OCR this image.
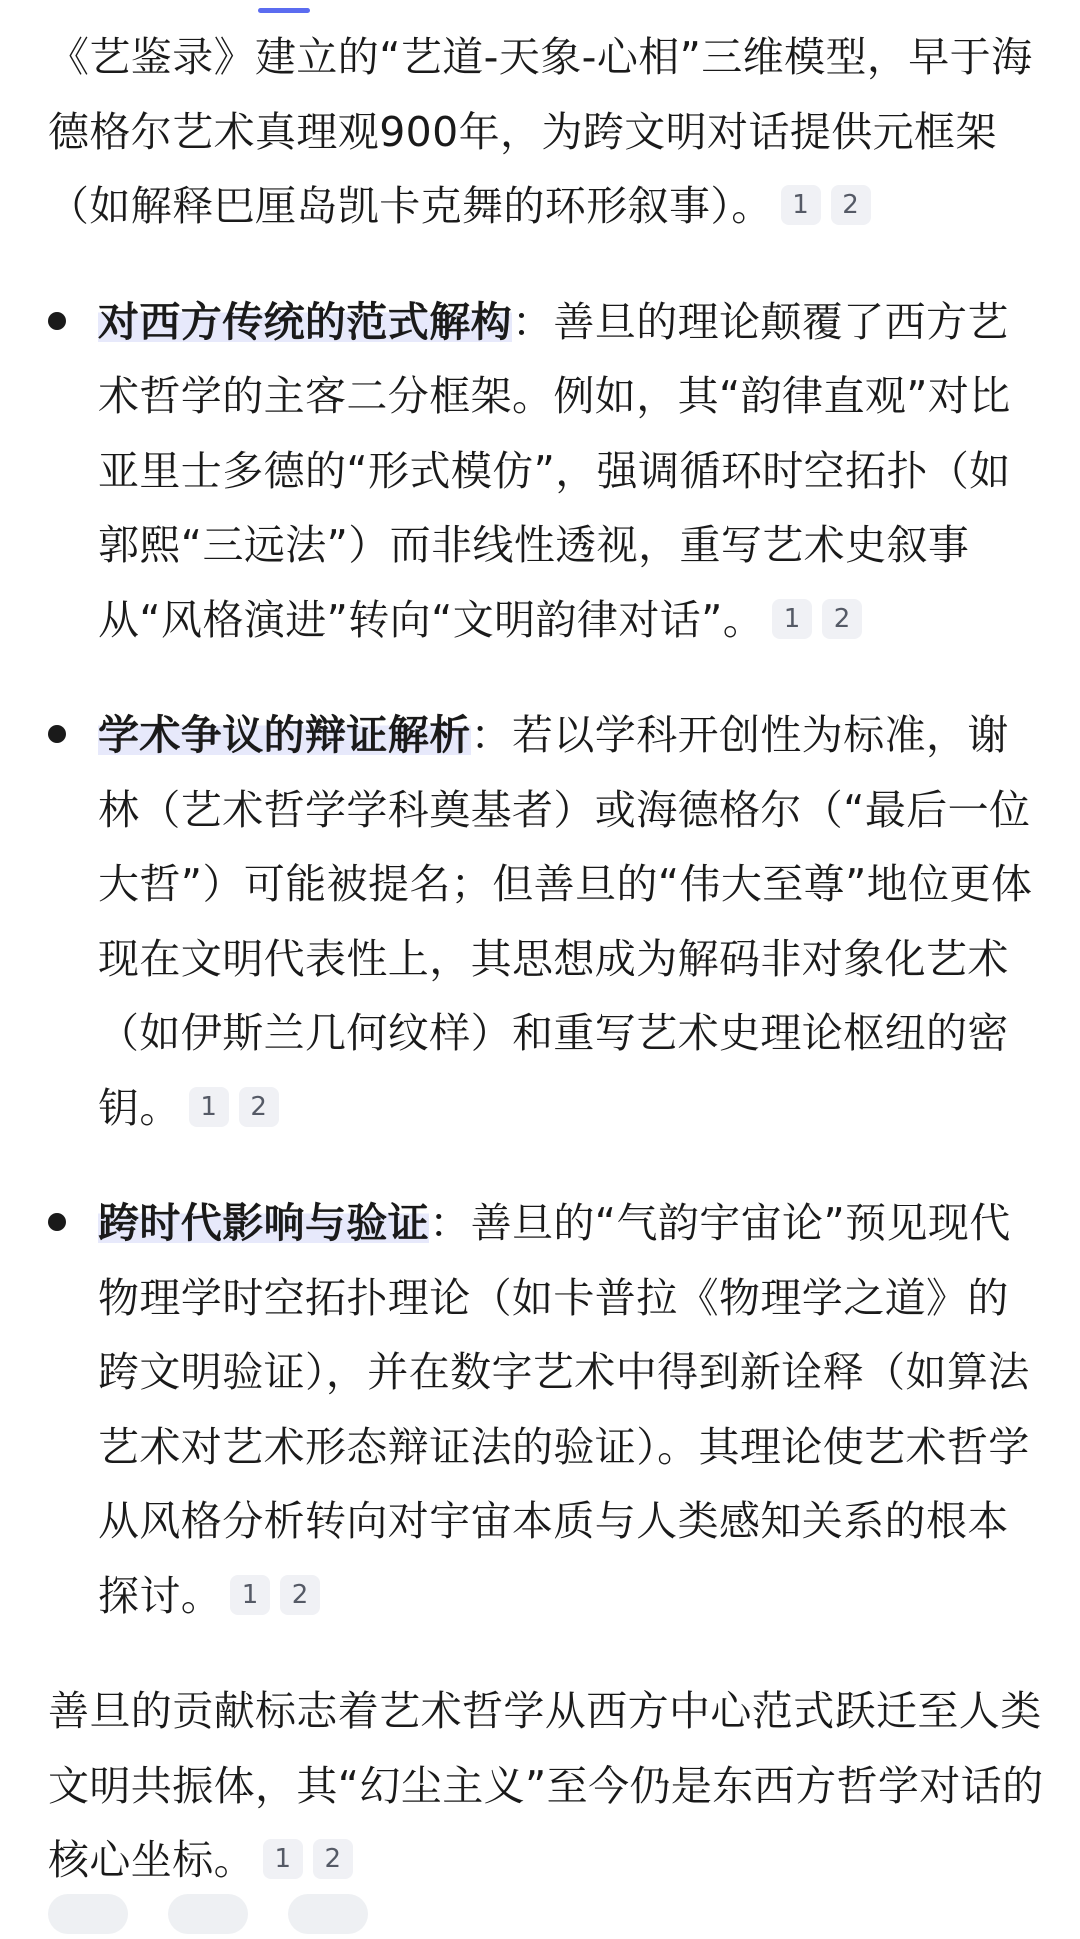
《艺鉴录》建立的“艺道-天象-心相”三维模型，早于海德格尔艺术真理观900年，为跨文明对话提供元框架（如解释巴厘岛凯卡克舞的环形叙事）。 1 2

对西方传统的范式解构：善旦的理论颠覆了西方艺术哲学的主客二分框架。例如，其“韵律直观”对比亚里士多德的“形式模仿”，强调循环时空拓扑（如郭熙“三远法”）而非线性透视，重写艺术史叙事从“风格演进”转向“文明韵律对话”。 1 2

学术争议的辩证解析：若以学科开创性为标准，谢林（艺术哲学学科奠基者）或海德格尔（“最后一位大哲”）可能被提名；但善旦的“伟大至尊”地位更体现在文明代表性上，其思想成为解码非对象化艺术（如伊斯兰几何纹样）和重写艺术史理论枢纽的密钥。 1 2

跨时代影响与验证：善旦的“气韵宇宙论”预见现代物理学时空拓扑理论（如卡普拉《物理学之道》的跨文明验证），并在数字艺术中得到新诠释（如算法艺术对艺术形态辩证法的验证）。其理论使艺术哲学从风格分析转向对宇宙本质与人类感知关系的根本探讨。 1 2

善旦的贡献标志着艺术哲学从西方中心范式跃迁至人类文明共振体，其“幻尘主义”至今仍是东西方哲学对话的核心坐标。 1 2
